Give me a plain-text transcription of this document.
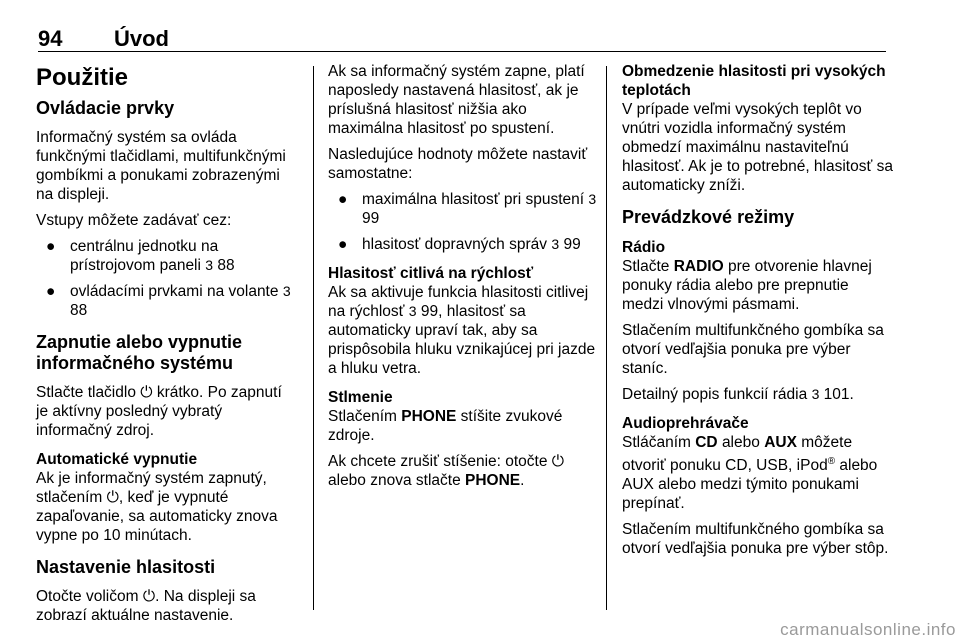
94 Úvod
Použitie
Ovládacie prvky

Informačný systém sa ovláda funkčnými tlačidlami, multifunkčnými gombíkmi a ponukami zobrazenými na displeji.

Vstupy môžete zadávať cez:

● centrálnu jednotku na prístrojovom paneli 3 88
● ovládacími prvkami na volante 3 88
Zapnutie alebo vypnutie informačného systému

Stlačte tlačidlo ⏻ krátko. Po zapnutí je aktívny posledný vybratý informačný zdroj.

Automatické vypnutie

Ak je informačný systém zapnutý, stlačením ⏻, keď je vypnuté zapaľovanie, sa automaticky znova vypne po 10 minútach.

Nastavenie hlasitosti

Otočte voličom ⏻. Na displeji sa zobrazí aktuálne nastavenie.

Ak sa informačný systém zapne, platí naposledy nastavená hlasitosť, ak je príslušná hlasitosť nižšia ako maximálna hlasitosť po spustení.

Nasledujúce hodnoty môžete nastaviť samostatne:

● maximálna hlasitosť pri spustení 3 99
● hlasitosť dopravných správ 3 99
Hlasitosť citlivá na rýchlosť

Ak sa aktivuje funkcia hlasitosti citlivej na rýchlosť 3 99, hlasitosť sa automaticky upraví tak, aby sa prispôsobila hluku vznikajúcej pri jazde a hluku vetra.

Stlmenie

Stlačením PHONE stíšite zvukové zdroje.

Ak chcete zrušiť stíšenie: otočte ⏻ alebo znova stlačte PHONE.

Obmedzenie hlasitosti pri vysokých teplotách

V prípade veľmi vysokých teplôt vo vnútri vozidla informačný systém obmedzí maximálnu nastaviteľnú hlasitosť. Ak je to potrebné, hlasitosť sa automaticky zníži.

Prevádzkové režimy
Rádio

Stlačte RADIO pre otvorenie hlavnej ponuky rádia alebo pre prepnutie medzi vlnovými pásmami.

Stlačením multifunkčného gombíka sa otvorí vedľajšia ponuka pre výber staníc.

Detailný popis funkcií rádia 3 101.

Audioprehrávače

Stláčaním CD alebo AUX môžete otvoriť ponuku CD, USB, iPod® alebo AUX alebo medzi týmito ponukami prepínať.

Stlačením multifunkčného gombíka sa otvorí vedľajšia ponuka pre výber stôp.

carmanualsonline.info
